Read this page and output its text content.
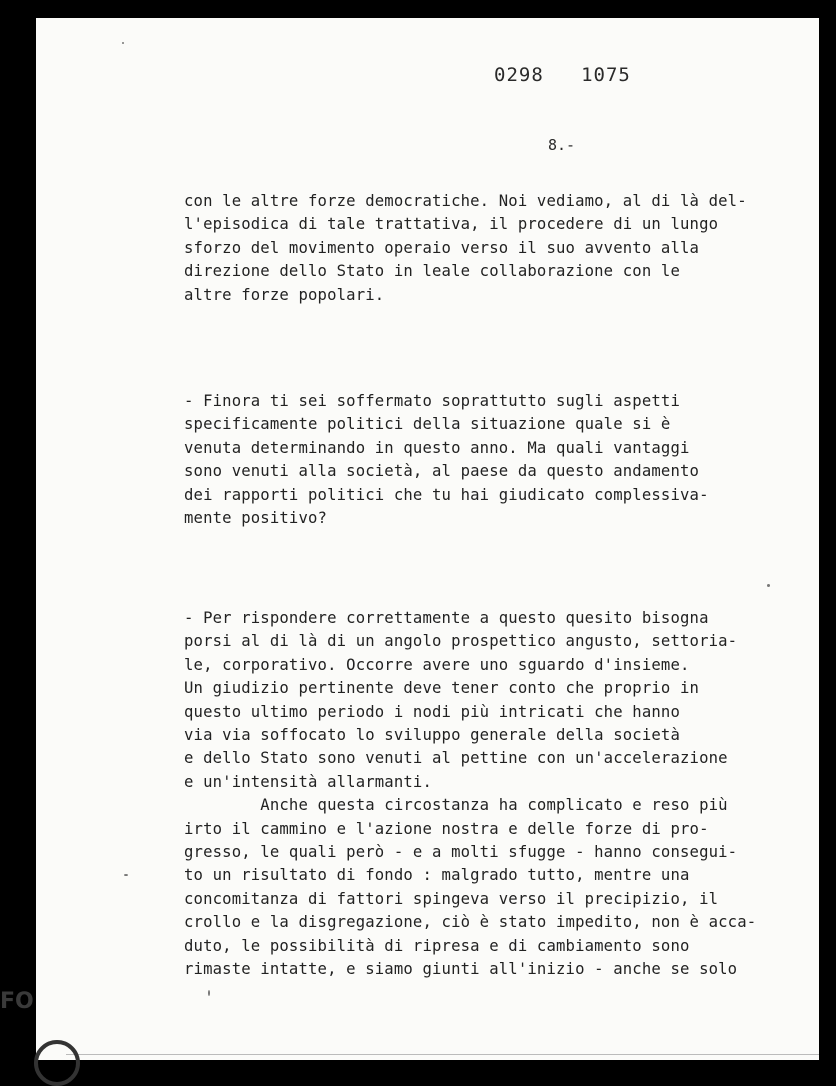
0298   1075
8.-
con le altre forze democratiche. Noi vediamo, al di là del-
l'episodica di tale trattativa, il procedere di un lungo
sforzo del movimento operaio verso il suo avvento alla
direzione dello Stato in leale collaborazione con le
altre forze popolari.
- Finora ti sei soffermato soprattutto sugli aspetti
specificamente politici della situazione quale si è
venuta determinando in questo anno. Ma quali vantaggi
sono venuti alla società, al paese da questo andamento
dei rapporti politici che tu hai giudicato complessiva-
mente positivo?
- Per rispondere correttamente a questo quesito bisogna
porsi al di là di un angolo prospettico angusto, settoria-
le, corporativo. Occorre avere uno sguardo d'insieme.
Un giudizio pertinente deve tener conto che proprio in
questo ultimo periodo i nodi più intricati che hanno
via via soffocato lo sviluppo generale della società
e dello Stato sono venuti al pettine con un'accelerazione
e un'intensità allarmanti.
Anche questa circostanza ha complicato e reso più
irto il cammino e l'azione nostra e delle forze di pro-
gresso, le quali però - e a molti sfugge - hanno consegui-
to un risultato di fondo : malgrado tutto, mentre una
concomitanza di fattori spingeva verso il precipizio, il
crollo e la disgregazione, ciò è stato impedito, non è acca-
duto, le possibilità di ripresa e di cambiamento sono
rimaste intatte, e siamo giunti all'inizio - anche se solo
FO
